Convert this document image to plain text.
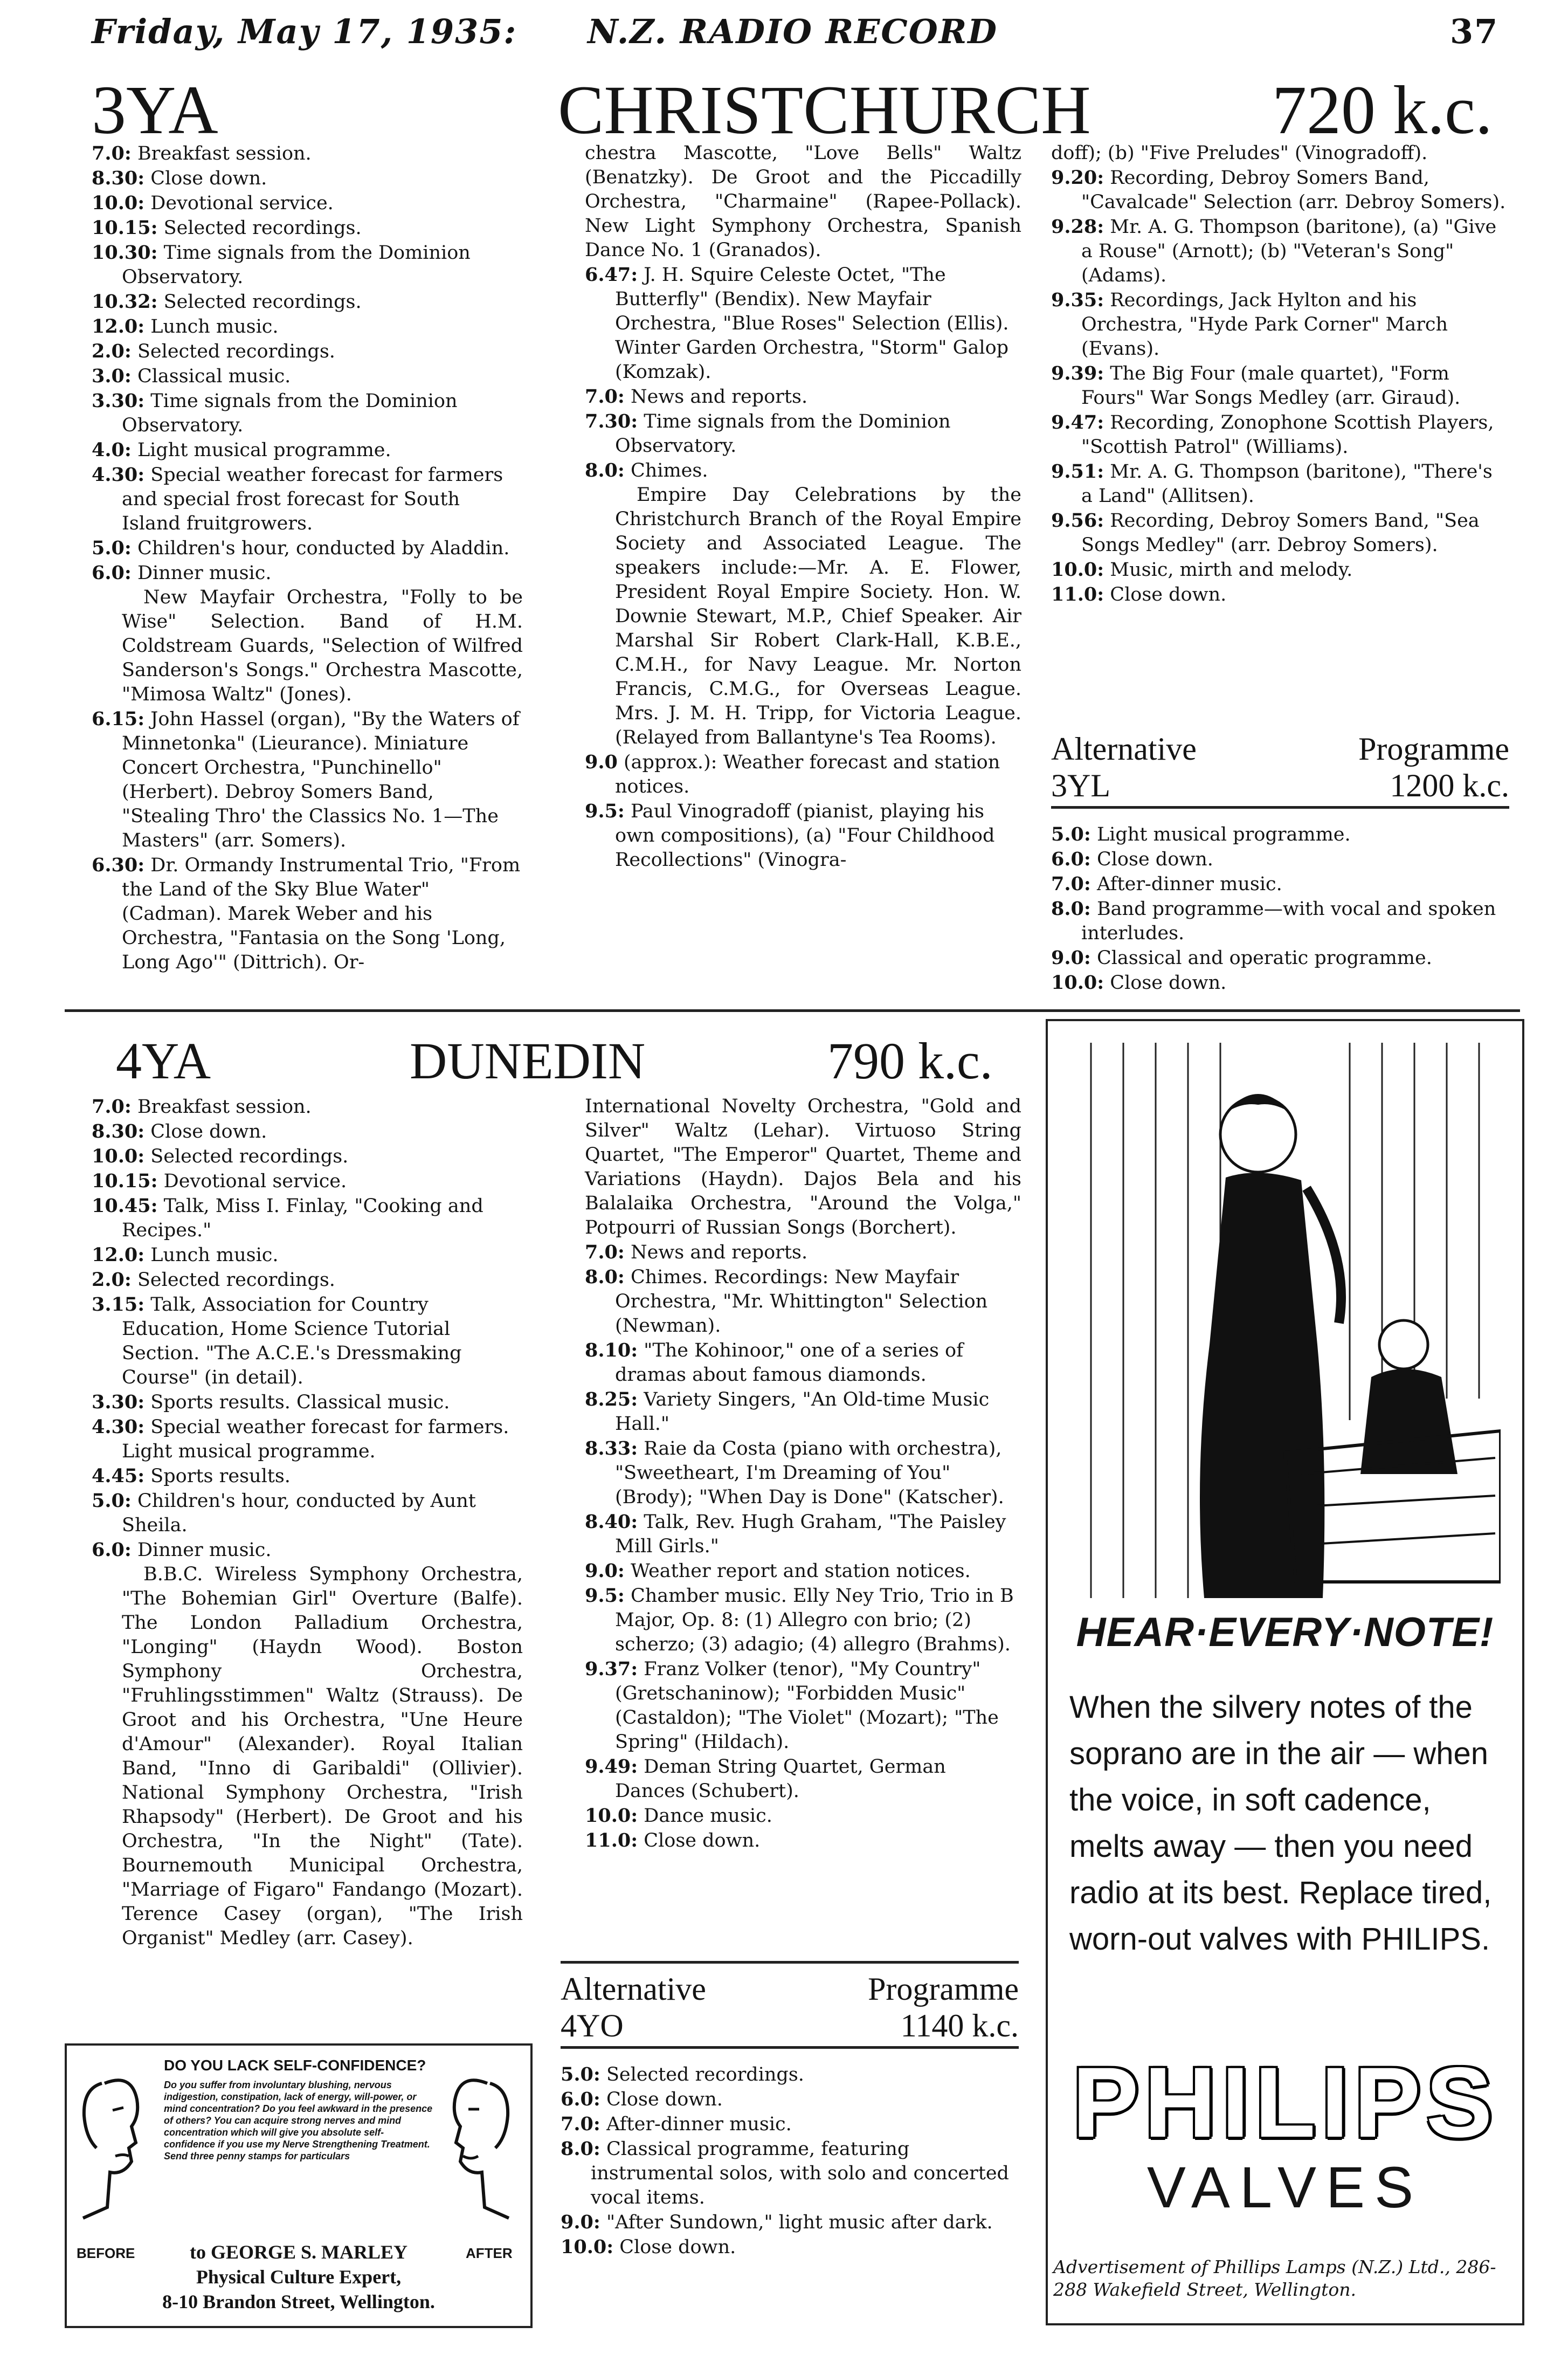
Friday, May 17, 1935: N.Z. RADIO RECORD	37
3YA	CHRISTCHURCH	720 k.c.

7.0: Breakfast session.

8.30: Close down.

10.0: Devotional service.

10.15: Selected recordings.

10.30: Time signals from the Dominion Observatory.

10.32: Selected recordings.

12.0: Lunch music.

2.0: Selected recordings.

3.0: Classical music.

3.30: Time signals from the Dominion Observatory.

4.0: Light musical programme.

4.30: Special weather forecast for farmers and special frost forecast for South Island fruitgrowers.

5.0: Children's hour, conducted by Aladdin.

6.0: Dinner music.

New Mayfair Orchestra, "Folly to be Wise" Selection. Band of H.M. Coldstream Guards, "Selection of Wilfred Sanderson's Songs." Orchestra Mascotte, "Mimosa Waltz" (Jones).

6.15: John Hassel (organ), "By the Waters of Minnetonka" (Lieurance). Miniature Concert Orchestra, "Punchinello" (Herbert). Debroy Somers Band, "Stealing Thro' the Classics No. 1—The Masters" (arr. Somers).

6.30: Dr. Ormandy Instrumental Trio, "From the Land of the Sky Blue Water" (Cadman). Marek Weber and his Orchestra, "Fantasia on the Song 'Long, Long Ago'" (Dittrich). Or-

chestra Mascotte, "Love Bells" Waltz (Benatzky). De Groot and the Piccadilly Orchestra, "Charmaine" (Rapee-Pollack). New Light Symphony Orchestra, Spanish Dance No. 1 (Granados).

6.47: J. H. Squire Celeste Octet, "The Butterfly" (Bendix). New Mayfair Orchestra, "Blue Roses" Selection (Ellis). Winter Garden Orchestra, "Storm" Galop (Komzak).

7.0: News and reports.

7.30: Time signals from the Dominion Observatory.

8.0: Chimes.

Empire Day Celebrations by the Christchurch Branch of the Royal Empire Society and Associated League. The speakers include:—Mr. A. E. Flower, President Royal Empire Society. Hon. W. Downie Stewart, M.P., Chief Speaker. Air Marshal Sir Robert Clark-Hall, K.B.E., C.M.H., for Navy League. Mr. Norton Francis, C.M.G., for Overseas League. Mrs. J. M. H. Tripp, for Victoria League. (Relayed from Ballantyne's Tea Rooms).

9.0 (approx.): Weather forecast and station notices.

9.5: Paul Vinogradoff (pianist, playing his own compositions), (a) "Four Childhood Recollections" (Vinogra-

doff); (b) "Five Preludes" (Vinogradoff).

9.20: Recording, Debroy Somers Band, "Cavalcade" Selection (arr. Debroy Somers).

9.28: Mr. A. G. Thompson (baritone), (a) "Give a Rouse" (Arnott); (b) "Veteran's Song" (Adams).

9.35: Recordings, Jack Hylton and his Orchestra, "Hyde Park Corner" March (Evans).

9.39: The Big Four (male quartet), "Form Fours" War Songs Medley (arr. Giraud).

9.47: Recording, Zonophone Scottish Players, "Scottish Patrol" (Williams).

9.51: Mr. A. G. Thompson (baritone), "There's a Land" (Allitsen).

9.56: Recording, Debroy Somers Band, "Sea Songs Medley" (arr. Debroy Somers).

10.0: Music, mirth and melody.

11.0: Close down.

Alternative	Programme
3YL	1200 k.c.

5.0: Light musical programme.

6.0: Close down.

7.0: After-dinner music.

8.0: Band programme—with vocal and spoken interludes.

9.0: Classical and operatic programme.

10.0: Close down.

4YA	DUNEDIN	790 k.c.

7.0: Breakfast session.

8.30: Close down.

10.0: Selected recordings.

10.15: Devotional service.

10.45: Talk, Miss I. Finlay, "Cooking and Recipes."

12.0: Lunch music.

2.0: Selected recordings.

3.15: Talk, Association for Country Education, Home Science Tutorial Section. "The A.C.E.'s Dressmaking Course" (in detail).

3.30: Sports results. Classical music.

4.30: Special weather forecast for farmers. Light musical programme.

4.45: Sports results.

5.0: Children's hour, conducted by Aunt Sheila.

6.0: Dinner music.

B.B.C. Wireless Symphony Orchestra, "The Bohemian Girl" Overture (Balfe). The London Palladium Orchestra, "Longing" (Haydn Wood). Boston Symphony Orchestra, "Fruhlingsstimmen" Waltz (Strauss). De Groot and his Orchestra, "Une Heure d'Amour" (Alexander). Royal Italian Band, "Inno di Garibaldi" (Ollivier). National Symphony Orchestra, "Irish Rhapsody" (Herbert). De Groot and his Orchestra, "In the Night" (Tate). Bournemouth Municipal Orchestra, "Marriage of Figaro" Fandango (Mozart). Terence Casey (organ), "The Irish Organist" Medley (arr. Casey).

International Novelty Orchestra, "Gold and Silver" Waltz (Lehar). Virtuoso String Quartet, "The Emperor" Quartet, Theme and Variations (Haydn). Dajos Bela and his Balalaika Orchestra, "Around the Volga," Potpourri of Russian Songs (Borchert).

7.0: News and reports.

8.0: Chimes. Recordings: New Mayfair Orchestra, "Mr. Whittington" Selection (Newman).

8.10: "The Kohinoor," one of a series of dramas about famous diamonds.

8.25: Variety Singers, "An Old-time Music Hall."

8.33: Raie da Costa (piano with orchestra), "Sweetheart, I'm Dreaming of You" (Brody); "When Day is Done" (Katscher).

8.40: Talk, Rev. Hugh Graham, "The Paisley Mill Girls."

9.0: Weather report and station notices.

9.5: Chamber music. Elly Ney Trio, Trio in B Major, Op. 8: (1) Allegro con brio; (2) scherzo; (3) adagio; (4) allegro (Brahms).

9.37: Franz Volker (tenor), "My Country" (Gretschaninow); "Forbidden Music" (Castaldon); "The Violet" (Mozart); "The Spring" (Hildach).

9.49: Deman String Quartet, German Dances (Schubert).

10.0: Dance music.

11.0: Close down.

Alternative	Programme
4YO	1140 k.c.

5.0: Selected recordings.

6.0: Close down.

7.0: After-dinner music.

8.0: Classical programme, featuring instrumental solos, with solo and concerted vocal items.

9.0: "After Sundown," light music after dark.

10.0: Close down.

DO YOU LACK SELF-CONFIDENCE?
Do you suffer from involuntary blushing, nervous indigestion, constipation, lack of energy, will-power, or mind concentration? Do you feel awkward in the presence of others? You can acquire strong nerves and mind concentration which will give you absolute self-confidence if you use my Nerve Strengthening Treatment. Send three penny stamps for particulars
BEFORE	AFTER
to GEORGE S. MARLEY
Physical Culture Expert,
8-10 Brandon Street, Wellington.
HEAR·EVERY·NOTE!
When the silvery notes of the soprano are in the air — when the voice, in soft cadence, melts away — then you need radio at its best. Replace tired, worn-out valves with PHILIPS.
PHILIPS
VALVES
Advertisement of Phillips Lamps (N.Z.) Ltd., 286-288 Wakefield Street, Wellington.
